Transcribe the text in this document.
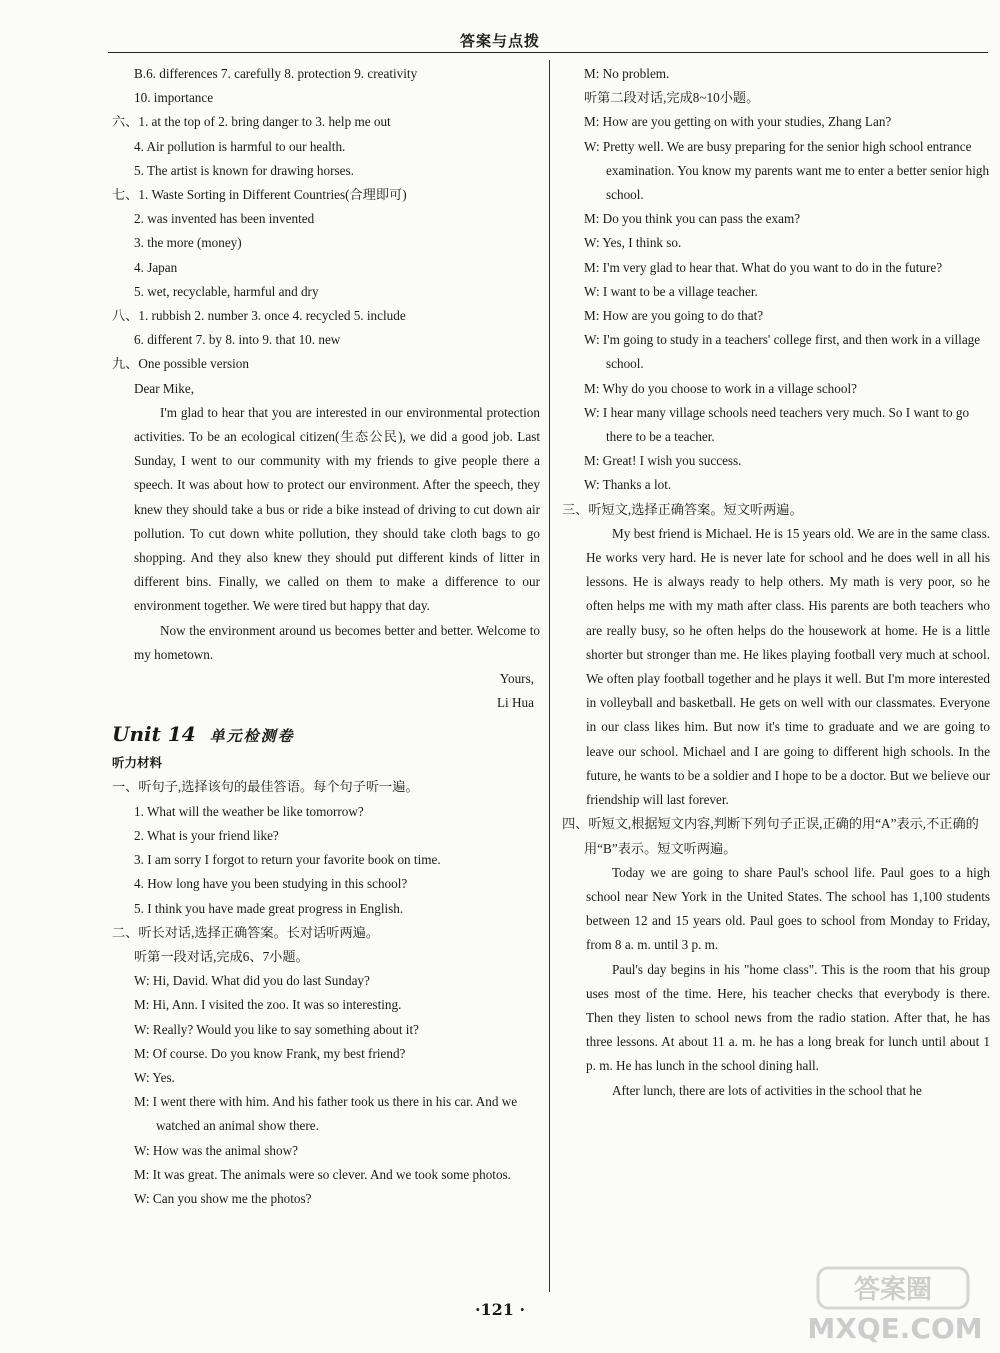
答案与点拨
B.6. differences 7. carefully 8. protection 9. creativity
10. importance
六、1. at the top of 2. bring danger to 3. help me out
4. Air pollution is harmful to our health.
5. The artist is known for drawing horses.
七、1. Waste Sorting in Different Countries(合理即可)
2. was invented has been invented
3. the more (money)
4. Japan
5. wet, recyclable, harmful and dry
八、1. rubbish 2. number 3. once 4. recycled 5. include
6. different 7. by 8. into 9. that 10. new
九、One possible version
Dear Mike,
I'm glad to hear that you are interested in our environmental protection activities. To be an ecological citizen(生态公民), we did a good job. Last Sunday, I went to our community with my friends to give people there a speech. It was about how to protect our environment. After the speech, they knew they should take a bus or ride a bike instead of driving to cut down air pollution. To cut down white pollution, they should take cloth bags to go shopping. And they also knew they should put different kinds of litter in different bins. Finally, we called on them to make a difference to our environment together. We were tired but happy that day.
Now the environment around us becomes better and better. Welcome to my hometown.
Yours,
Li Hua
Unit 14 单元检测卷
听力材料
一、听句子,选择该句的最佳答语。每个句子听一遍。
1. What will the weather be like tomorrow?
2. What is your friend like?
3. I am sorry I forgot to return your favorite book on time.
4. How long have you been studying in this school?
5. I think you have made great progress in English.
二、听长对话,选择正确答案。长对话听两遍。
听第一段对话,完成6、7小题。
W: Hi, David. What did you do last Sunday?
M: Hi, Ann. I visited the zoo. It was so interesting.
W: Really? Would you like to say something about it?
M: Of course. Do you know Frank, my best friend?
W: Yes.
M: I went there with him. And his father took us there in his car. And we watched an animal show there.
W: How was the animal show?
M: It was great. The animals were so clever. And we took some photos.
W: Can you show me the photos?
M: No problem.
听第二段对话,完成8~10小题。
M: How are you getting on with your studies, Zhang Lan?
W: Pretty well. We are busy preparing for the senior high school entrance examination. You know my parents want me to enter a better senior high school.
M: Do you think you can pass the exam?
W: Yes, I think so.
M: I'm very glad to hear that. What do you want to do in the future?
W: I want to be a village teacher.
M: How are you going to do that?
W: I'm going to study in a teachers' college first, and then work in a village school.
M: Why do you choose to work in a village school?
W: I hear many village schools need teachers very much. So I want to go there to be a teacher.
M: Great! I wish you success.
W: Thanks a lot.
三、听短文,选择正确答案。短文听两遍。
My best friend is Michael. He is 15 years old. We are in the same class. He works very hard. He is never late for school and he does well in all his lessons. He is always ready to help others. My math is very poor, so he often helps me with my math after class. His parents are both teachers who are really busy, so he often helps do the housework at home. He is a little shorter but stronger than me. He likes playing football very much at school. We often play football together and he plays it well. But I'm more interested in volleyball and basketball. He gets on well with our classmates. Everyone in our class likes him. But now it's time to graduate and we are going to leave our school. Michael and I are going to different high schools. In the future, he wants to be a soldier and I hope to be a doctor. But we believe our friendship will last forever.
四、听短文,根据短文内容,判断下列句子正误,正确的用“A”表示,不正确的用“B”表示。短文听两遍。
Today we are going to share Paul's school life. Paul goes to a high school near New York in the United States. The school has 1,100 students between 12 and 15 years old. Paul goes to school from Monday to Friday, from 8 a. m. until 3 p. m.
Paul's day begins in his "home class". This is the room that his group uses most of the time. Here, his teacher checks that everybody is there. Then they listen to school news from the radio station. After that, he has three lessons. At about 11 a. m. he has a long break for lunch until about 1 p. m. He has lunch in the school dining hall.
After lunch, there are lots of activities in the school that he
·121 ·
答案圈
MXQE.COM
